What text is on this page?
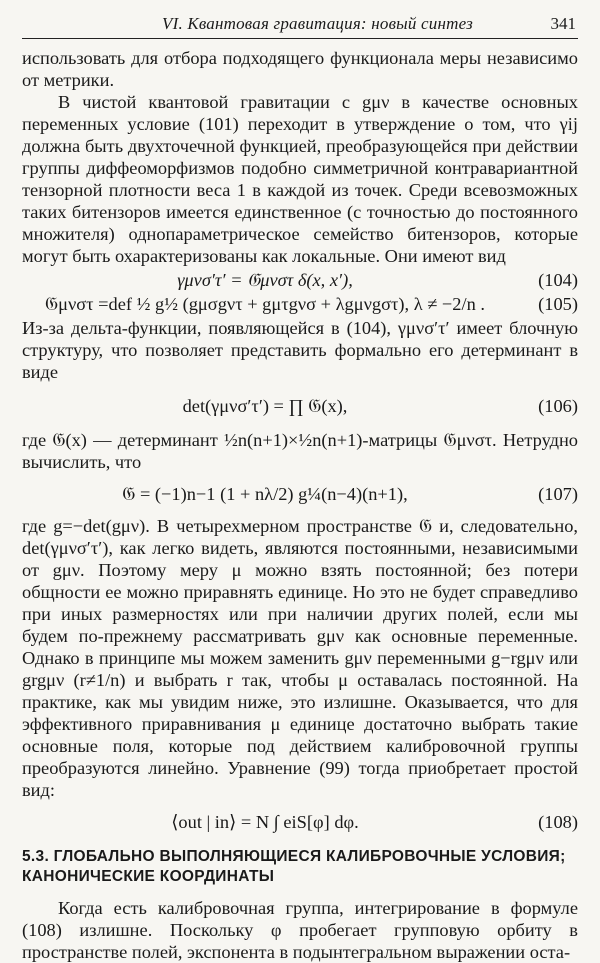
VI. Квантовая гравитация: новый синтез	341

использовать для отбора подходящего функционала меры независимо от метрики.

В чистой квантовой гравитации с gμν в качестве основных переменных условие (101) переходит в утверждение о том, что γij должна быть двухточечной функцией, преобразующейся при действии группы диффеоморфизмов подобно симметричной контравариантной тензорной плотности веса 1 в каждой из точек. Среди всевозможных таких битензоров имеется единственное (с точностью до постоянного множителя) однопараметрическое семейство битензоров, которые могут быть охарактеризованы как локальные. Они имеют вид

γμνσ′τ′ = 𝔊μνστ δ(x, x′),	(104)
𝔊μνστ =def ½ g½ (gμσgντ + gμτgνσ + λgμνgστ), λ ≠ −2/n .	(105)

Из-за дельта-функции, появляющейся в (104), γμνσ′τ′ имеет блочную структуру, что позволяет представить формально его детерминант в виде

det(γμνσ′τ′) = ∏ 𝔊(x),	(106)

где 𝔊(x) — детерминант ½n(n+1)×½n(n+1)-матрицы 𝔊μνστ. Нетрудно вычислить, что

𝔊 = (−1)n−1 (1 + nλ/2) g¼(n−4)(n+1),	(107)

где g=−det(gμν). В четырехмерном пространстве 𝔊 и, следовательно, det(γμνσ′τ′), как легко видеть, являются постоянными, независимыми от gμν. Поэтому меру μ можно взять постоянной; без потери общности ее можно приравнять единице. Но это не будет справедливо при иных размерностях или при наличии других полей, если мы будем по-прежнему рассматривать gμν как основные переменные. Однако в принципе мы можем заменить gμν переменными g−rgμν или grgμν (r≠1/n) и выбрать r так, чтобы μ оставалась постоянной. На практике, как мы увидим ниже, это излишне. Оказывается, что для эффективного приравнивания μ единице достаточно выбрать такие основные поля, которые под действием калибровочной группы преобразуются линейно. Уравнение (99) тогда приобретает простой вид:

⟨out | in⟩ = N ∫ eiS[φ] dφ.	(108)
5.3. ГЛОБАЛЬНО ВЫПОЛНЯЮЩИЕСЯ КАЛИБРОВОЧНЫЕ УСЛОВИЯ; КАНОНИЧЕСКИЕ КООРДИНАТЫ

Когда есть калибровочная группа, интегрирование в формуле (108) излишне. Поскольку φ пробегает групповую орбиту в пространстве полей, экспонента в подынтегральном выражении оста-
